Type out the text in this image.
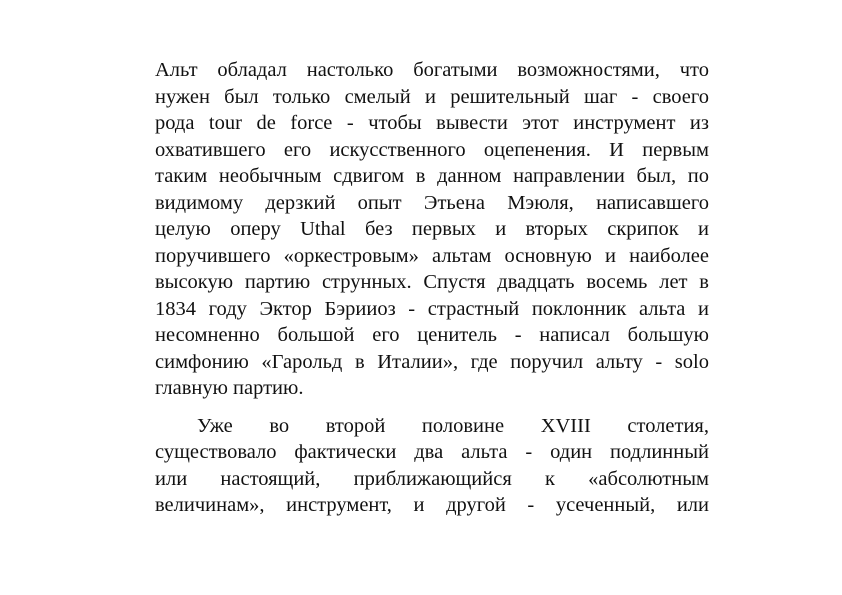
Альт обладал настолько богатыми возможностями, что
нужен был только смелый и решительный шаг - своего
рода tour de force - чтобы вывести этот инструмент из
охватившего его искусственного оцепенения. И первым
таким необычным сдвигом в данном направлении был, по
видимому дерзкий опыт Этьена Мэюля, написавшего
целую оперу Uthal без первых и вторых скрипок и
поручившего «оркестровым» альтам основную и наиболее
высокую партию струнных. Спустя двадцать восемь лет в
1834 году Эктор Бэрииоз - страстный поклонник альта и
несомненно большой его ценитель - написал большую
симфонию «Гарольд в Италии», где поручил альту - solo
главную партию.
Уже во второй половине XVIII столетия,
существовало фактически два альта - один подлинный
или настоящий, приближающийся к «абсолютным
величинам», инструмент, и другой - усеченный, или
